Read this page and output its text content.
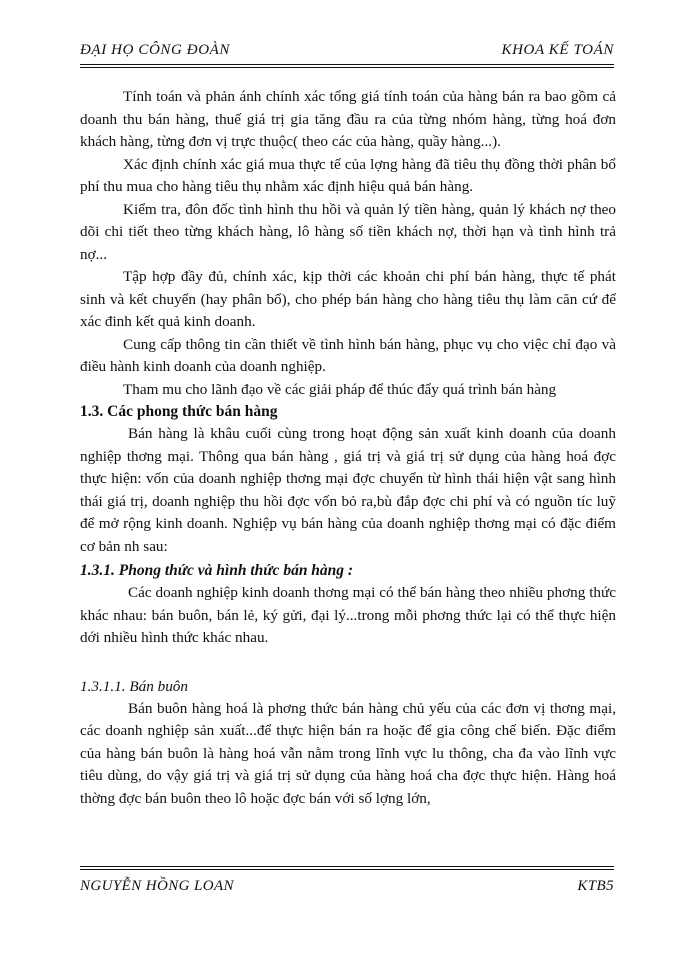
ĐẠI HỌ CÔNG ĐOÀN	KHOA KẾ TOÁN

Tính toán và phản ánh chính xác tổng giá tính toán của hàng bán ra bao gồm cả doanh thu bán hàng, thuế giá trị gia tăng đầu ra của từng nhóm hàng, từng hoá đơn khách hàng, từng đơn vị trực thuộc( theo các của hàng, quầy hàng...).

Xác định chính xác giá mua thực tế của lợng hàng đã tiêu thụ đồng thời phân bổ phí thu mua cho hàng tiêu thụ nhằm xác định hiệu quả bán hàng.

Kiểm tra, đôn đốc tình hình thu hồi và quản lý tiền hàng, quản lý khách nợ theo dõi chi tiết theo từng khách hàng, lô hàng số tiền khách nợ, thời hạn và tình hình trả nợ...

Tập hợp đầy đủ, chính xác, kịp thời các khoản chi phí bán hàng, thực tế phát sinh và kết chuyển (hay phân bổ), cho phép bán hàng cho hàng tiêu thụ làm căn cứ để xác đinh kết quả kinh doanh.

Cung cấp thông tin cần thiết về tình hình bán hàng, phục vụ cho việc chỉ đạo và điều hành kinh doanh của doanh nghiệp.

Tham mu cho lãnh đạo về các giải pháp để thúc đẩy quá trình bán hàng

1.3. Các phong thức bán hàng

Bán hàng là khâu cuối cùng trong hoạt động sản xuất kinh doanh của doanh nghiệp thơng mại. Thông qua bán hàng , giá trị và giá trị sử dụng của hàng hoá đợc thực hiện: vốn của doanh nghiệp thơng mại đợc chuyển từ hình thái hiện vật sang hình thái giá trị, doanh nghiệp thu hồi đợc vốn bỏ ra,bù đắp đợc chi phí và có nguồn tíc luỹ để mở rộng kinh doanh. Nghiệp vụ bán hàng của doanh nghiệp thơng mại có đặc điểm cơ bản nh sau:

1.3.1. Phong thức và hình thức bán hàng :

Các doanh nghiệp kinh doanh thơng mại có thể bán hàng theo nhiều phơng thức khác nhau: bán buôn, bán lẻ, ký gửi, đại lý...trong mỗi phơng thức lại có thể thực hiện dới nhiều hình thức khác nhau.

1.3.1.1. Bán buôn

Bán buôn hàng hoá là phơng thức bán hàng chủ yếu của các đơn vị thơng mại, các doanh nghiệp sản xuất...để thực hiện bán ra hoặc để gia công chế biến. Đặc điểm của hàng bán buôn là hàng hoá vẫn nằm trong lĩnh vực lu thông, cha đa vào lĩnh vực tiêu dùng, do vậy giá trị và giá trị sử dụng của hàng hoá cha đợc thực hiện. Hàng hoá thờng đợc bán buôn theo lô hoặc đợc bán với số lợng lớn,

NGUYỄN HỒNG LOAN	KTB5
